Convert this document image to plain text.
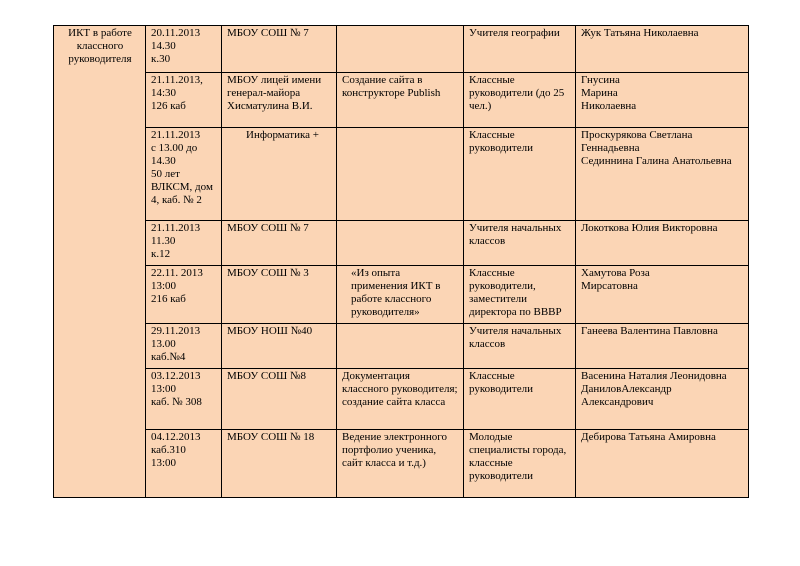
ИКТ в работе классного руководителя	20.11.2013
14.30
к.30	МБОУ СОШ № 7		Учителя географии	Жук Татьяна Николаевна

	21.11.2013,
14:30
126 каб	МБОУ лицей имени генерал-майора Хисматулина В.И.	Создание сайта в конструкторе Publish	Классные руководители (до 25 чел.)	Гнусина
Марина
Николаевна

	21.11.2013
с 13.00 до 14.30
50 лет ВЛКСМ, дом 4, каб. № 2	Информатика +		Классные руководители	Проскурякова Светлана Геннадьевна
Сединнина Галина Анатольевна

	21.11.2013
11.30
к.12	МБОУ СОШ № 7		Учителя начальных классов	Локоткова Юлия Викторовна

	22.11. 2013
13:00
216 каб	МБОУ СОШ № 3	«Из опыта применения ИКТ в работе классного руководителя»	Классные руководители, заместители директора по ВВВР	Хамутова Роза
Мирсатовна

	29.11.2013
13.00
каб.№4	МБОУ НОШ №40		Учителя начальных классов	Ганеева Валентина Павловна

	03.12.2013
13:00
каб. № 308	МБОУ СОШ №8	Документация классного руководителя; создание сайта класса	Классные руководители	Васенина Наталия Леонидовна
ДаниловАлександр
Александрович

	04.12.2013
каб.310
13:00	МБОУ СОШ № 18	Ведение электронного портфолио ученика, сайт класса и т.д.)	Молодые специалисты города, классные руководители	Дебирова Татьяна Амировна
